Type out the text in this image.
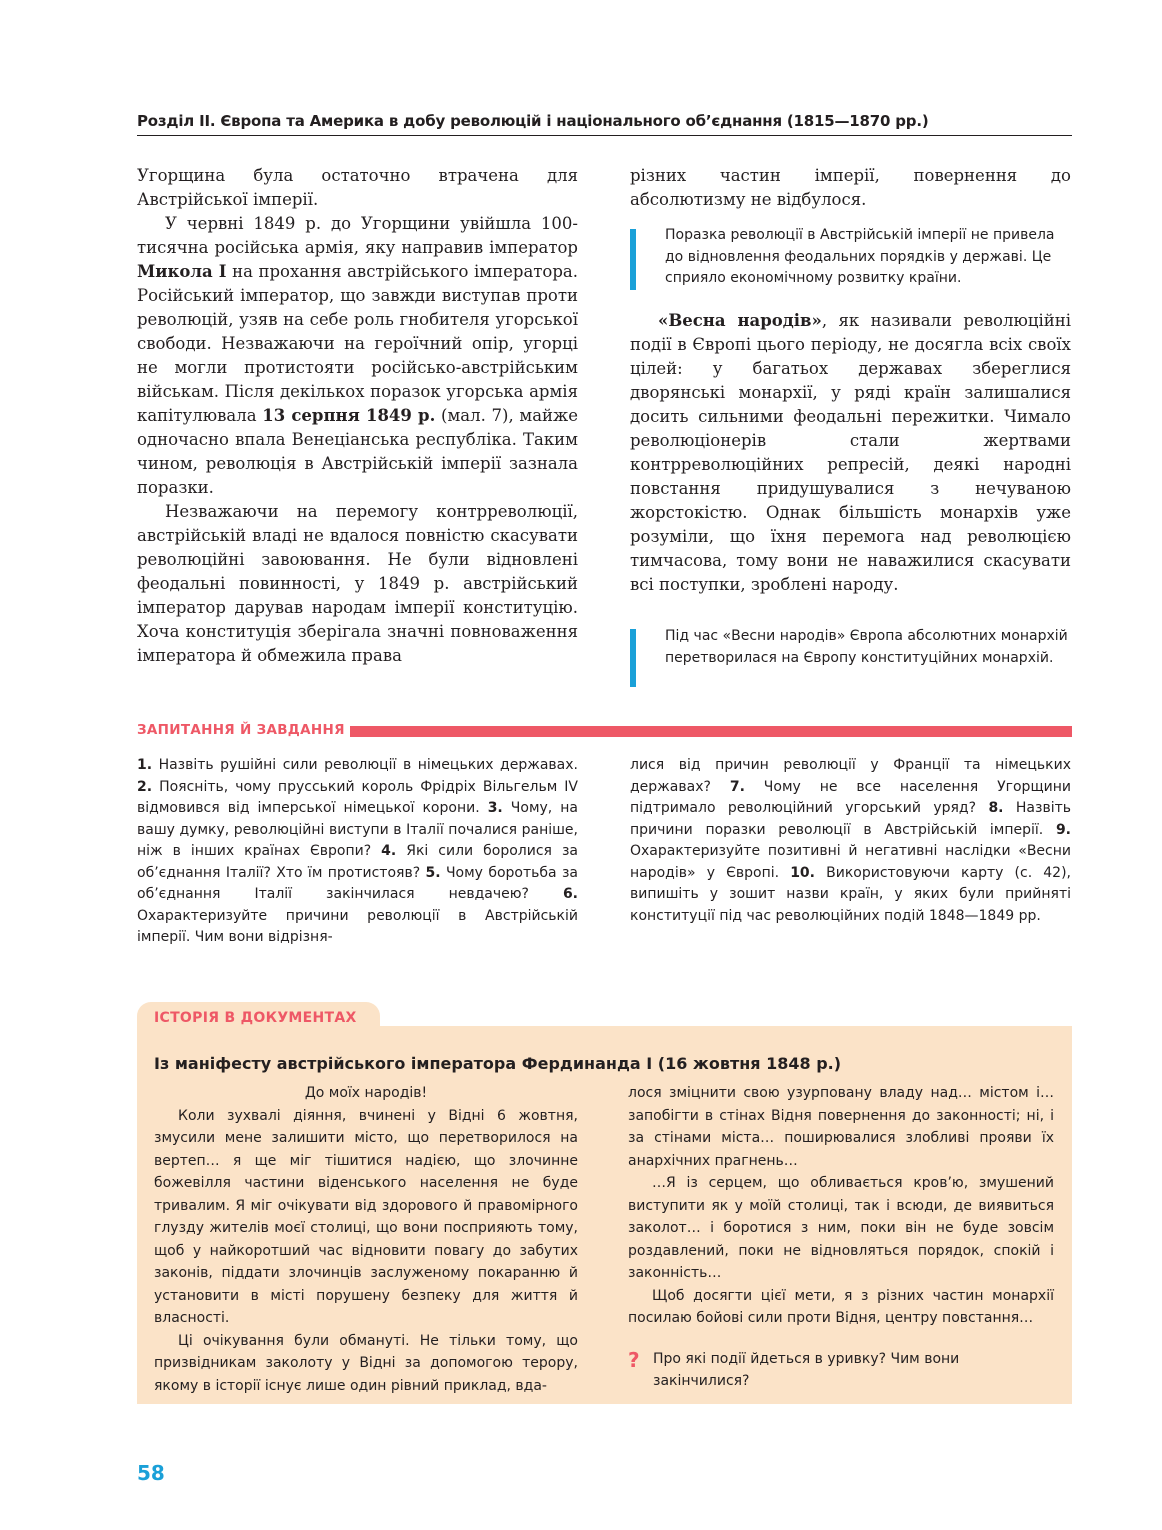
Розділ ІІ. Європа та Америка в добу революцій і національного об’єднання (1815—1870 рр.)

Угорщина була остаточно втрачена для Австрійської імперії.

У червні 1849 р. до Угорщини увійшла 100-тисячна російська армія, яку направив імператор Микола I на прохання австрійського імператора. Російський імператор, що завжди виступав проти революцій, узяв на себе роль гнобителя угорської свободи. Незважаючи на героїчний опір, угорці не могли протистояти російсько-австрійським військам. Після декількох поразок угорська армія капітулювала 13 серпня 1849 р. (мал. 7), майже одночасно впала Венеціанська республіка. Таким чином, революція в Австрійській імперії зазнала поразки.

Незважаючи на перемогу контрреволюції, австрійській владі не вдалося повністю скасувати революційні завоювання. Не були відновлені феодальні повинності, у 1849 р. австрійський імператор дарував народам імперії конституцію. Хоча конституція зберігала значні повноваження імператора й обмежила права

різних частин імперії, повернення до абсолютизму не відбулося.

Поразка революції в Австрійській імперії не привела до відновлення феодальних порядків у державі. Це сприяло економічному розвитку країни.

«Весна народів», як називали революційні події в Європі цього періоду, не досягла всіх своїх цілей: у багатьох державах збереглися дворянські монархії, у ряді країн залишалися досить сильними феодальні пережитки. Чимало революціонерів стали жертвами контрреволюційних репресій, деякі народні повстання придушувалися з нечуваною жорстокістю. Однак більшість монархів уже розуміли, що їхня перемога над революцією тимчасова, тому вони не наважилися скасувати всі поступки, зроблені народу.

Під час «Весни народів» Європа абсолютних монархій перетворилася на Європу конституційних монархій.
ЗАПИТАННЯ Й ЗАВДАННЯ
1. Назвіть рушійні сили революції в німецьких державах. 2. Поясніть, чому прусський король Фрідріх Вільгельм IV відмовився від імперської німецької корони. 3. Чому, на вашу думку, революційні виступи в Італії почалися раніше, ніж в інших країнах Європи? 4. Які сили боролися за об’єднання Італії? Хто їм протистояв? 5. Чому боротьба за об’єднання Італії закінчилася невдачею? 6. Охарактеризуйте причини революції в Австрійській імперії. Чим вони відрізня-
лися від причин революції у Франції та німецьких державах? 7. Чому не все населення Угорщини підтримало революційний угорський уряд? 8. Назвіть причини поразки революції в Австрійській імперії. 9. Охарактеризуйте позитивні й негативні наслідки «Весни народів» у Європі. 10. Використовуючи карту (с. 42), випишіть у зошит назви країн, у яких були прийняті конституції під час революційних подій 1848—1849 рр.
ІСТОРІЯ В ДОКУМЕНТАХ
Із маніфесту австрійського імператора Фердинанда I (16 жовтня 1848 р.)

До моїх народів!

Коли зухвалі діяння, вчинені у Відні 6 жовтня, змусили мене залишити місто, що перетворилося на вертеп… я ще міг тішитися надією, що злочинне божевілля частини віденського населення не буде тривалим. Я міг очікувати від здорового й правомірного глузду жителів моєї столиці, що вони посприяють тому, щоб у найкоротший час відновити повагу до забутих законів, піддати злочинців заслуженому покаранню й установити в місті порушену безпеку для життя й власності.

Ці очікування були обмануті. Не тільки тому, що призвідникам заколоту у Відні за допомогою терору, якому в історії існує лише один рівний приклад, вда-

лося зміцнити свою узурповану владу над… містом і… запобігти в стінах Відня повернення до законності; ні, і за стінами міста… поширювалися злобливі прояви їх анархічних прагнень…

…Я із серцем, що обливається кров’ю, змушений виступити як у моїй столиці, так і всюди, де виявиться заколот… і боротися з ним, поки він не буде зовсім роздавлений, поки не відновляться порядок, спокій і законність…

Щоб досягти цієї мети, я з різних частин монархії посилаю бойові сили проти Відня, центру повстання…

? Про які події йдеться в уривку? Чим вони закінчилися?
58
